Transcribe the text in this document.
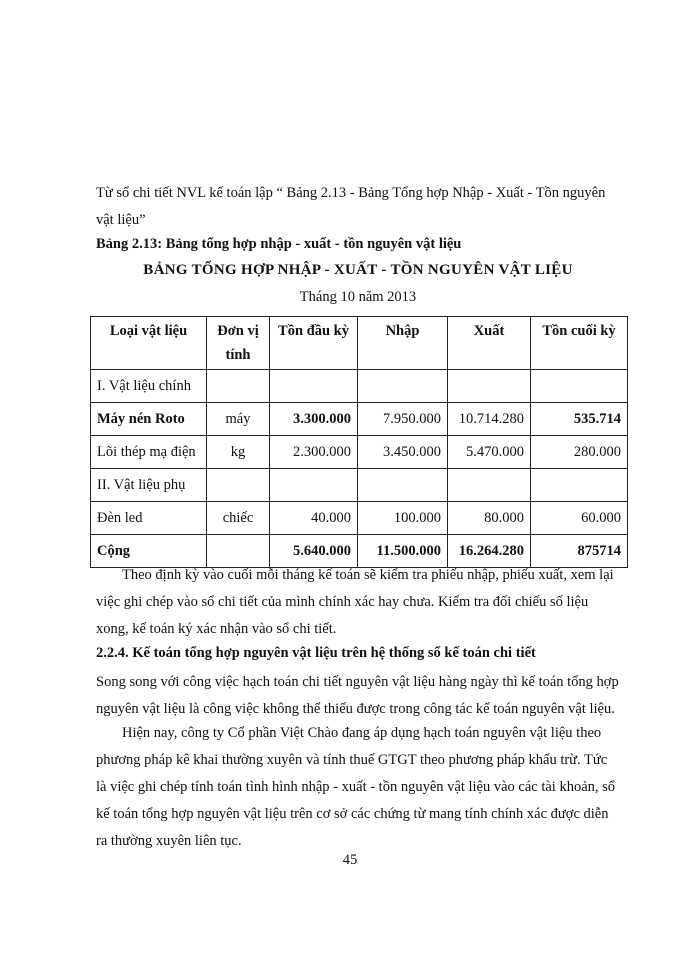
Từ sổ chi tiết NVL kế toán lập “ Bảng 2.13 - Bảng Tổng hợp Nhập - Xuất - Tồn nguyên vật liệu”

Bảng 2.13: Bảng tổng hợp nhập - xuất - tồn nguyên vật liệu

BẢNG TỔNG HỢP NHẬP - XUẤT - TỒN NGUYÊN VẬT LIỆU
Tháng 10 năm 2013
Loại vật liệu	Đơn vị tính	Tồn đầu kỳ	Nhập	Xuất	Tồn cuối kỳ
I. Vật liệu chính					
Máy nén Roto	máy	3.300.000	7.950.000	10.714.280	535.714
Lõi thép mạ điện	kg	2.300.000	3.450.000	5.470.000	280.000
II. Vật liệu phụ					
Đèn led	chiếc	40.000	100.000	80.000	60.000
Cộng		5.640.000	11.500.000	16.264.280	875714

Theo định kỳ vào cuối mỗi tháng kế toán sẽ kiểm tra phiếu nhập, phiếu xuất, xem lại việc ghi chép vào sổ chi tiết của mình chính xác hay chưa. Kiểm tra đối chiếu số liệu xong, kế toán ký xác nhận vào sổ chi tiết.

2.2.4. Kế toán tổng hợp nguyên vật liệu trên hệ thống sổ kế toán chi tiết

Song song với công việc hạch toán chi tiết nguyên vật liệu hàng ngày thì kế toán tổng hợp nguyên vật liệu là công việc không thể thiếu được trong công tác kế toán nguyên vật liệu.

Hiện nay, công ty Cổ phần Việt Chào đang áp dụng hạch toán nguyên vật liệu theo phương pháp kê khai thường xuyên và tính thuế GTGT theo phương pháp khấu trừ. Tức là việc ghi chép tính toán tình hình nhập - xuất - tồn nguyên vật liệu vào các tài khoản, sổ kế toán tổng hợp nguyên vật liệu trên cơ sở các chứng từ mang tính chính xác được diễn ra thường xuyên liên tục.

45
